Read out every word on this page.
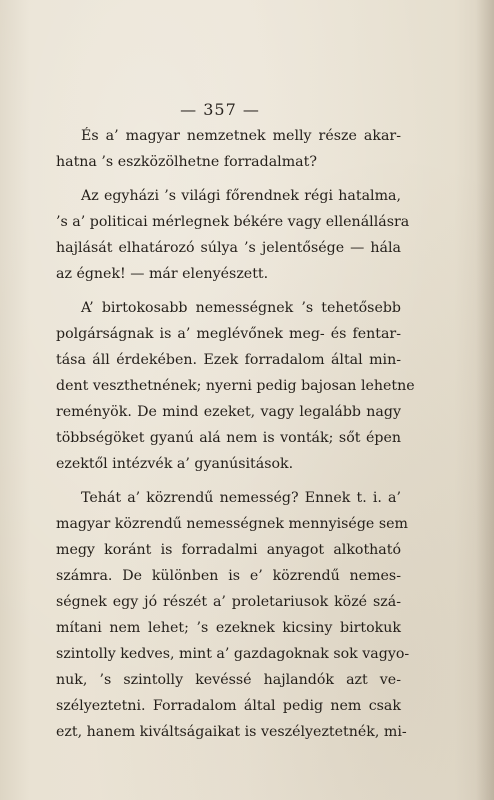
— 357 —
És a’ magyar nemzetnek melly része akar-
hatna ’s eszközölhetne forradalmat?
Az egyházi ’s világi főrendnek régi hatalma,
’s a’ politicai mérlegnek békére vagy ellenállásra
hajlását elhatározó súlya ’s jelentősége — hála
az égnek! — már elenyészett.
A’ birtokosabb nemességnek ’s tehetősebb
polgárságnak is a’ meglévőnek meg- és fentar-
tása áll érdekében. Ezek forradalom által min-
dent veszthetnének; nyerni pedig bajosan lehetne
reményök. De mind ezeket, vagy legalább nagy
többségöket gyanú alá nem is vonták; sőt épen
ezektől intézvék a’ gyanúsitások.
Tehát a’ közrendű nemesség? Ennek t. i. a’
magyar közrendű nemességnek mennyisége sem
megy koránt is forradalmi anyagot alkotható
számra. De különben is e’ közrendű nemes-
ségnek egy jó részét a’ proletariusok közé szá-
mítani nem lehet; ’s ezeknek kicsiny birtokuk
szintolly kedves, mint a’ gazdagoknak sok vagyo-
nuk, ’s szintolly kevéssé hajlandók azt ve-
szélyeztetni. Forradalom által pedig nem csak
ezt, hanem kiváltságaikat is veszélyeztetnék, mi-
